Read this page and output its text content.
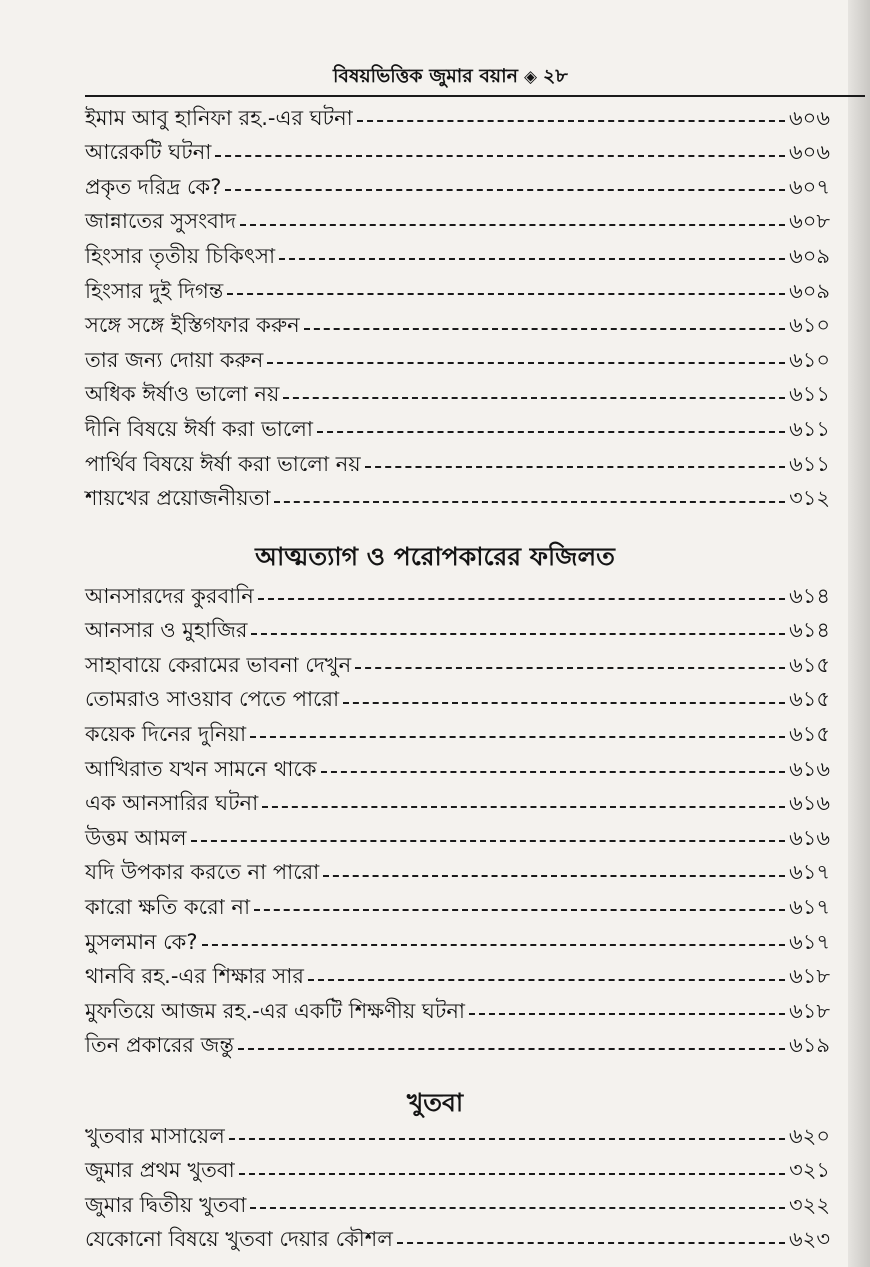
বিষয়ভিত্তিক জুমার বয়ান ◈ ২৮
ইমাম আবু হানিফা রহ.-এর ঘটনা	৬০৬
আরেকটি ঘটনা	৬০৬
প্রকৃত দরিদ্র কে?	৬০৭
জান্নাতের সুসংবাদ	৬০৮
হিংসার তৃতীয় চিকিৎসা	৬০৯
হিংসার দুই দিগন্ত	৬০৯
সঙ্গে সঙ্গে ইস্তিগফার করুন	৬১০
তার জন্য দোয়া করুন	৬১০
অধিক ঈর্ষাও ভালো নয়	৬১১
দীনি বিষয়ে ঈর্ষা করা ভালো	৬১১
পার্থিব বিষয়ে ঈর্ষা করা ভালো নয়	৬১১
শায়খের প্রয়োজনীয়তা	৩১২
আত্মত্যাগ ও পরোপকারের ফজিলত
আনসারদের কুরবানি	৬১৪
আনসার ও মুহাজির	৬১৪
সাহাবায়ে কেরামের ভাবনা দেখুন	৬১৫
তোমরাও সাওয়াব পেতে পারো	৬১৫
কয়েক দিনের দুনিয়া	৬১৫
আখিরাত যখন সামনে থাকে	৬১৬
এক আনসারির ঘটনা	৬১৬
উত্তম আমল	৬১৬
যদি উপকার করতে না পারো	৬১৭
কারো ক্ষতি করো না	৬১৭
মুসলমান কে?	৬১৭
থানবি রহ.-এর শিক্ষার সার	৬১৮
মুফতিয়ে আজম রহ.-এর একটি শিক্ষণীয় ঘটনা	৬১৮
তিন প্রকারের জন্তু	৬১৯
খুতবা
খুতবার মাসায়েল	৬২০
জুমার প্রথম খুতবা	৩২১
জুমার দ্বিতীয় খুতবা	৩২২
যেকোনো বিষয়ে খুতবা দেয়ার কৌশল	৬২৩
